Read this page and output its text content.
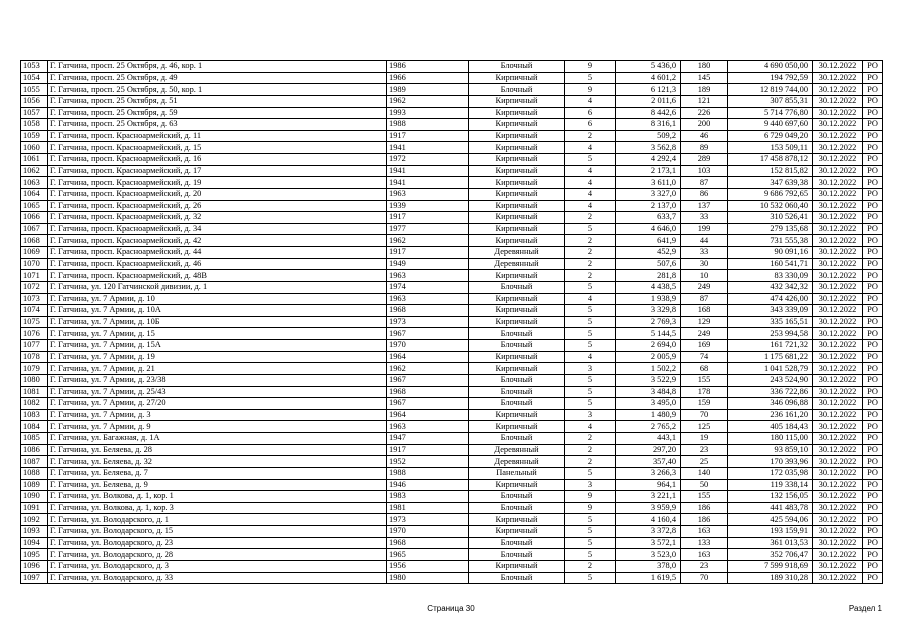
1053	Г. Гатчина, просп. 25 Октября, д. 46, кор. 1	1986	Блочный	9	5 436,0	180	4 690 050,00	30.12.2022	РО
1054	Г. Гатчина, просп. 25 Октября, д. 49	1966	Кирпичный	5	4 601,2	145	194 792,59	30.12.2022	РО
1055	Г. Гатчина, просп. 25 Октября, д. 50, кор. 1	1989	Блочный	9	6 121,3	189	12 819 744,00	30.12.2022	РО
1056	Г. Гатчина, просп. 25 Октября, д. 51	1962	Кирпичный	4	2 011,6	121	307 855,31	30.12.2022	РО
1057	Г. Гатчина, просп. 25 Октября, д. 59	1993	Кирпичный	6	8 442,6	226	5 714 776,80	30.12.2022	РО
1058	Г. Гатчина, просп. 25 Октября, д. 63	1988	Кирпичный	6	8 316,1	200	9 440 697,60	30.12.2022	РО
1059	Г. Гатчина, просп. Красноармейский, д. 11	1917	Кирпичный	2	509,2	46	6 729 049,20	30.12.2022	РО
1060	Г. Гатчина, просп. Красноармейский, д. 15	1941	Кирпичный	4	3 562,8	89	153 509,11	30.12.2022	РО
1061	Г. Гатчина, просп. Красноармейский, д. 16	1972	Кирпичный	5	4 292,4	289	17 458 878,12	30.12.2022	РО
1062	Г. Гатчина, просп. Красноармейский, д. 17	1941	Кирпичный	4	2 173,1	103	152 815,82	30.12.2022	РО
1063	Г. Гатчина, просп. Красноармейский, д. 19	1941	Кирпичный	4	3 611,0	87	347 639,38	30.12.2022	РО
1064	Г. Гатчина, просп. Красноармейский, д. 20	1963	Кирпичный	4	3 327,0	86	9 686 792,65	30.12.2022	РО
1065	Г. Гатчина, просп. Красноармейский, д. 26	1939	Кирпичный	4	2 137,0	137	10 532 060,40	30.12.2022	РО
1066	Г. Гатчина, просп. Красноармейский, д. 32	1917	Кирпичный	2	633,7	33	310 526,41	30.12.2022	РО
1067	Г. Гатчина, просп. Красноармейский, д. 34	1977	Кирпичный	5	4 646,0	199	279 135,68	30.12.2022	РО
1068	Г. Гатчина, просп. Красноармейский, д. 42	1962	Кирпичный	2	641,9	44	731 555,38	30.12.2022	РО
1069	Г. Гатчина, просп. Красноармейский, д. 44	1917	Деревянный	2	452,9	33	90 091,16	30.12.2022	РО
1070	Г. Гатчина, просп. Красноармейский, д. 46	1949	Деревянный	2	507,6	30	160 541,71	30.12.2022	РО
1071	Г. Гатчина, просп. Красноармейский, д. 48В	1963	Кирпичный	2	281,8	10	83 330,09	30.12.2022	РО
1072	Г. Гатчина, ул. 120 Гатчинской дивизии, д. 1	1974	Блочный	5	4 438,5	249	432 342,32	30.12.2022	РО
1073	Г. Гатчина, ул. 7 Армии, д. 10	1963	Кирпичный	4	1 938,9	87	474 426,00	30.12.2022	РО
1074	Г. Гатчина, ул. 7 Армии, д. 10А	1968	Кирпичный	5	3 329,8	168	343 339,09	30.12.2022	РО
1075	Г. Гатчина, ул. 7 Армии, д. 10Б	1973	Кирпичный	5	2 769,3	129	335 165,51	30.12.2022	РО
1076	Г. Гатчина, ул. 7 Армии, д. 15	1967	Блочный	5	5 144,5	249	253 994,58	30.12.2022	РО
1077	Г. Гатчина, ул. 7 Армии, д. 15А	1970	Блочный	5	2 694,0	169	161 721,32	30.12.2022	РО
1078	Г. Гатчина, ул. 7 Армии, д. 19	1964	Кирпичный	4	2 005,9	74	1 175 681,22	30.12.2022	РО
1079	Г. Гатчина, ул. 7 Армии, д. 21	1962	Кирпичный	3	1 502,2	68	1 041 528,79	30.12.2022	РО
1080	Г. Гатчина, ул. 7 Армии, д. 23/38	1967	Блочный	5	3 522,9	155	243 524,90	30.12.2022	РО
1081	Г. Гатчина, ул. 7 Армии, д. 25/43	1968	Блочный	5	3 484,8	178	336 722,86	30.12.2022	РО
1082	Г. Гатчина, ул. 7 Армии, д. 27/20	1967	Блочный	5	3 495,0	159	346 096,88	30.12.2022	РО
1083	Г. Гатчина, ул. 7 Армии, д. 3	1964	Кирпичный	3	1 480,9	70	236 161,20	30.12.2022	РО
1084	Г. Гатчина, ул. 7 Армии, д. 9	1963	Кирпичный	4	2 765,2	125	405 184,43	30.12.2022	РО
1085	Г. Гатчина, ул. Багажная, д. 1А	1947	Блочный	2	443,1	19	180 115,00	30.12.2022	РО
1086	Г. Гатчина, ул. Беляева, д. 28	1917	Деревянный	2	297,20	23	93 859,10	30.12.2022	РО
1087	Г. Гатчина, ул. Беляева, д. 32	1952	Деревянный	2	357,40	25	170 393,96	30.12.2022	РО
1088	Г. Гатчина, ул. Беляева, д. 7	1988	Панельный	5	3 266,3	140	172 035,98	30.12.2022	РО
1089	Г. Гатчина, ул. Беляева, д. 9	1946	Кирпичный	3	964,1	50	119 338,14	30.12.2022	РО
1090	Г. Гатчина, ул. Волкова, д. 1, кор. 1	1983	Блочный	9	3 221,1	155	132 156,05	30.12.2022	РО
1091	Г. Гатчина, ул. Волкова, д. 1, кор. 3	1981	Блочный	9	3 959,9	186	441 483,78	30.12.2022	РО
1092	Г. Гатчина, ул. Володарского, д. 1	1973	Кирпичный	5	4 160,4	186	425 594,06	30.12.2022	РО
1093	Г. Гатчина, ул. Володарского, д. 15	1970	Кирпичный	5	3 372,8	163	193 159,91	30.12.2022	РО
1094	Г. Гатчина, ул. Володарского, д. 23	1968	Блочный	5	3 572,1	133	361 013,53	30.12.2022	РО
1095	Г. Гатчина, ул. Володарского, д. 28	1965	Блочный	5	3 523,0	163	352 706,47	30.12.2022	РО
1096	Г. Гатчина, ул. Володарского, д. 3	1956	Кирпичный	2	378,0	23	7 599 918,69	30.12.2022	РО
1097	Г. Гатчина, ул. Володарского, д. 33	1980	Блочный	5	1 619,5	70	189 310,28	30.12.2022	РО
Страница 30	Раздел 1
